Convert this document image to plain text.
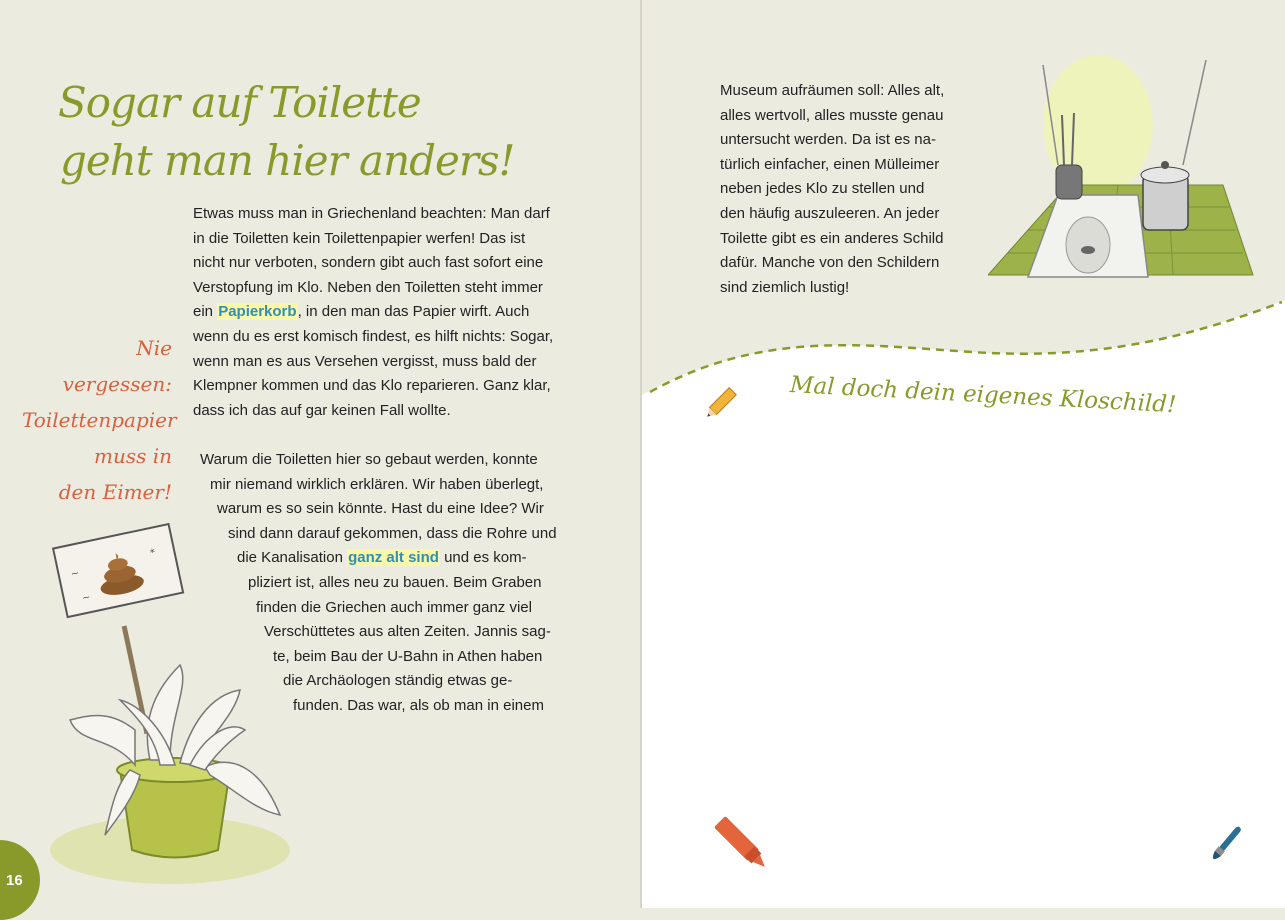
Sogar auf Toilette
geht man hier anders!
Etwas muss man in Griechenland beachten: Man darf
in die Toiletten kein Toilettenpapier werfen! Das ist
nicht nur verboten, sondern gibt auch fast sofort eine
Verstopfung im Klo. Neben den Toiletten steht immer
ein Papierkorb, in den man das Papier wirft. Auch
wenn du es erst komisch findest, es hilft nichts: Sogar,
wenn man es aus Versehen vergisst, muss bald der
Klempner kommen und das Klo reparieren. Ganz klar,
dass ich das auf gar keinen Fall wollte.
Warum die Toiletten hier so gebaut werden, konnte
mir niemand wirklich erklären. Wir haben überlegt,
warum es so sein könnte. Hast du eine Idee? Wir
sind dann darauf gekommen, dass die Rohre und
die Kanalisation ganz alt sind und es kom-
pliziert ist, alles neu zu bauen. Beim Graben
finden die Griechen auch immer ganz viel
Verschüttetes aus alten Zeiten. Jannis sag-
te, beim Bau der U-Bahn in Athen haben
die Archäologen ständig etwas ge-
funden. Das war, als ob man in einem
Nie vergessen:
Toilettenpapier
muss in
den Eimer!
~
*
~
16
Museum aufräumen soll: Alles alt,
alles wertvoll, alles musste genau
untersucht werden. Da ist es na-
türlich einfacher, einen Mülleimer
neben jedes Klo zu stellen und
den häufig auszuleeren. An jeder
Toilette gibt es ein anderes Schild
dafür. Manche von den Schildern
sind ziemlich lustig!
Mal doch dein eigenes Kloschild!
